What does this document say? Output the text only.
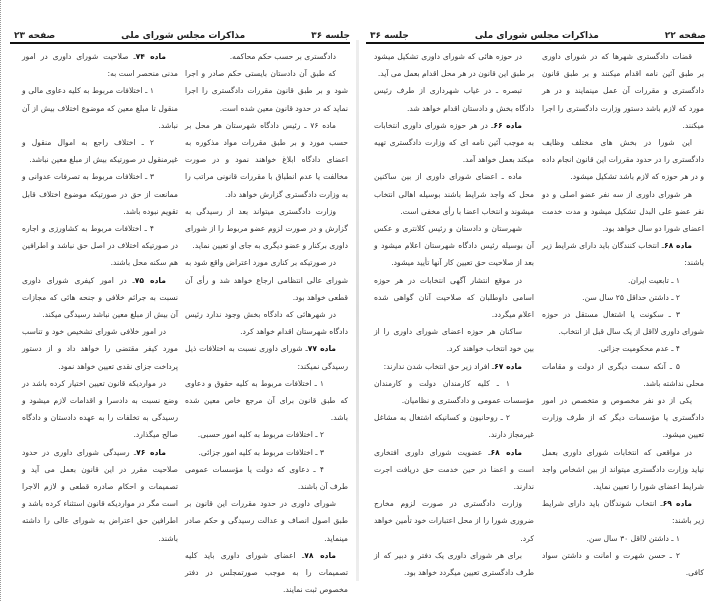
جلسه ۳۶
مذاکرات مجلس شورای ملی
صفحه ۲۳

دادگستری بر حسب حکم محاکمه.

که طبق آن دادستان بایستی حکم صادر و اجرا شود و بر طبق قانون مقررات دادگستری را اجرا نماید که در حدود قانون معین شده است.

ماده ۷۶ ـ رئیس دادگاه شهرستان هر محل بر حسب مورد و بر طبق مقررات مواد مذکوره به اعضای دادگاه ابلاغ خواهند نمود و در صورت مخالفت یا عدم انطباق با مقررات قانونی مراتب را به وزارت دادگستری گزارش خواهد داد.

وزارت دادگستری میتواند بعد از رسیدگی به گزارش و در صورت لزوم عضو مربوط را از شورای داوری برکنار و عضو دیگری به جای او تعیین نماید.

در صورتیکه بر کناری مورد اعتراض واقع شود به شورای عالی انتظامی ارجاع خواهد شد و رأی آن قطعی خواهد بود.

در شهرهائی که دادگاه بخش وجود ندارد رئیس دادگاه شهرستان اقدام خواهد کرد.

ماده ۷۷ـ شورای داوری نسبت به اختلافات ذیل رسیدگی نمیکند:

۱ ـ اختلافات مربوط به کلیه حقوق و دعاوی که طبق قانون برای آن مرجع خاص معین شده باشد.

۲ ـ اختلافات مربوط به کلیه امور حسبی.

۳ ـ اختلافات مربوط به کلیه امور جزائی.

۴ ـ دعاوی که دولت یا مؤسسات عمومی طرف آن باشند.

شورای داوری در حدود مقررات این قانون بر طبق اصول انصاف و عدالت رسیدگی و حکم صادر مینماید.

ماده ۷۸ـ اعضای شورای داوری باید کلیه تصمیمات را به موجب صورتمجلس در دفتر مخصوص ثبت نمایند.

ماده ۷۴ـ صلاحیت شورای داوری در امور مدنی منحصر است به:

۱ ـ اختلافات مربوط به کلیه دعاوی مالی و منقول تا مبلغ معین که موضوع اختلاف بیش از آن نباشد.

۲ ـ اختلاف راجع به اموال منقول و غیرمنقول در صورتیکه بیش از مبلغ معین نباشد.

۳ ـ اختلافات مربوط به تصرفات عدوانی و ممانعت از حق در صورتیکه موضوع اختلاف قابل تقویم نبوده باشد.

۴ ـ اختلافات مربوط به کشاورزی و اجاره در صورتیکه اختلاف در اصل حق نباشد و اطرافین هم سکنه محل باشند.

ماده ۷۵ـ در امور کیفری شورای داوری نسبت به جرائم خلافی و جنحه هائی که مجازات آن بیش از مبلغ معین نباشد رسیدگی میکند.

در امور خلافی شورای تشخیص خود و تناسب مورد کیفر مقتضی را خواهد داد و از دستور پرداخت جزای نقدی تعیین خواهد نمود.

در مواردیکه قانون تعیین اختیار کرده باشد در وضع نسبت به دادسرا و اقدامات لازم میشود و رسیدگی به تخلفات را به عهده دادستان و دادگاه صالح میگذارد.

ماده ۷۶ـ رسیدگی شورای داوری در حدود صلاحیت مقرر در این قانون بعمل می آید و تصمیمات و احکام صادره قطعی و لازم الاجرا است مگر در مواردیکه قانون استثناء کرده باشد و اطرافین حق اعتراض به شورای عالی را داشته باشند.

صفحه ۲۲
مذاکرات مجلس شورای ملی
جلسه ۳۶

قضات دادگستری شهرها که در شورای داوری بر طبق آئین نامه اقدام میکنند و بر طبق قانون دادگستری و مقررات آن عمل مینمایند و در هر مورد که لازم باشد دستور وزارت دادگستری را اجرا میکنند.

این شورا در بخش های مختلف وظایف دادگستری را در حدود مقررات این قانون انجام داده و در هر حوزه که لازم باشد تشکیل میشود.

هر شورای داوری از سه نفر عضو اصلی و دو نفر عضو علی البدل تشکیل میشود و مدت خدمت اعضای شورا دو سال خواهد بود.

ماده ۶۸ـ انتخاب کنندگان باید دارای شرایط زیر باشند:

۱ ـ تابعیت ایران.

۲ ـ داشتن حداقل ۲۵ سال سن.

۳ ـ سکونت یا اشتغال مستقل در حوزه شورای داوری لااقل از یک سال قبل از انتخاب.

۴ ـ عدم محکومیت جزائی.

۵ ـ آنکه سمت دیگری از دولت و مقامات محلی نداشته باشد.

یکی از دو نفر مخصوص و متخصص در امور دادگستری یا مؤسسات دیگر که از طرف وزارت تعیین میشود.

در مواقعی که انتخابات شورای داوری بعمل نیاید وزارت دادگستری میتواند از بین اشخاص واجد شرایط اعضای شورا را تعیین نماید.

ماده ۶۹ـ انتخاب شوندگان باید دارای شرایط زیر باشند:

۱ ـ داشتن لااقل ۳۰ سال سن.

۲ ـ حسن شهرت و امانت و داشتن سواد کافی.

در حوزه هائی که شورای داوری تشکیل میشود بر طبق این قانون در هر محل اقدام بعمل می آید.

تبصره ـ در غیاب شهرداری از طرف رئیس دادگاه بخش و دادستان اقدام خواهد شد.

ماده ۶۶ـ در هر حوزه شورای داوری انتخابات به موجب آئین نامه ای که وزارت دادگستری تهیه میکند بعمل خواهد آمد.

ماده ـ اعضای شورای داوری از بین ساکنین محل که واجد شرایط باشند بوسیله اهالی انتخاب میشوند و انتخاب اعضا با رأی مخفی است.

شهرستان و دادستان و رئیس کلانتری و عکس آن بوسیله رئیس دادگاه شهرستان اعلام میشود و بعد از صلاحیت حق تعیین کار آنها تأیید میشود.

در موقع انتشار آگهی انتخابات در هر حوزه اسامی داوطلبان که صلاحیت آنان گواهی شده اعلام میگردد.

ساکنان هر حوزه اعضای شورای داوری را از بین خود انتخاب خواهند کرد.

ماده ۶۷ـ افراد زیر حق انتخاب شدن ندارند:

۱ ـ کلیه کارمندان دولت و کارمندان مؤسسات عمومی و دادگستری و نظامیان.

۲ ـ روحانیون و کسانیکه اشتغال به مشاغل غیرمجاز دارند.

ماده ۶۸ـ عضویت شورای داوری افتخاری است و اعضا در حین خدمت حق دریافت اجرت ندارند.

وزارت دادگستری در صورت لزوم مخارج ضروری شورا را از محل اعتبارات خود تأمین خواهد کرد.

برای هر شورای داوری یک دفتر و دبیر که از طرف دادگستری تعیین میگردد خواهد بود.
